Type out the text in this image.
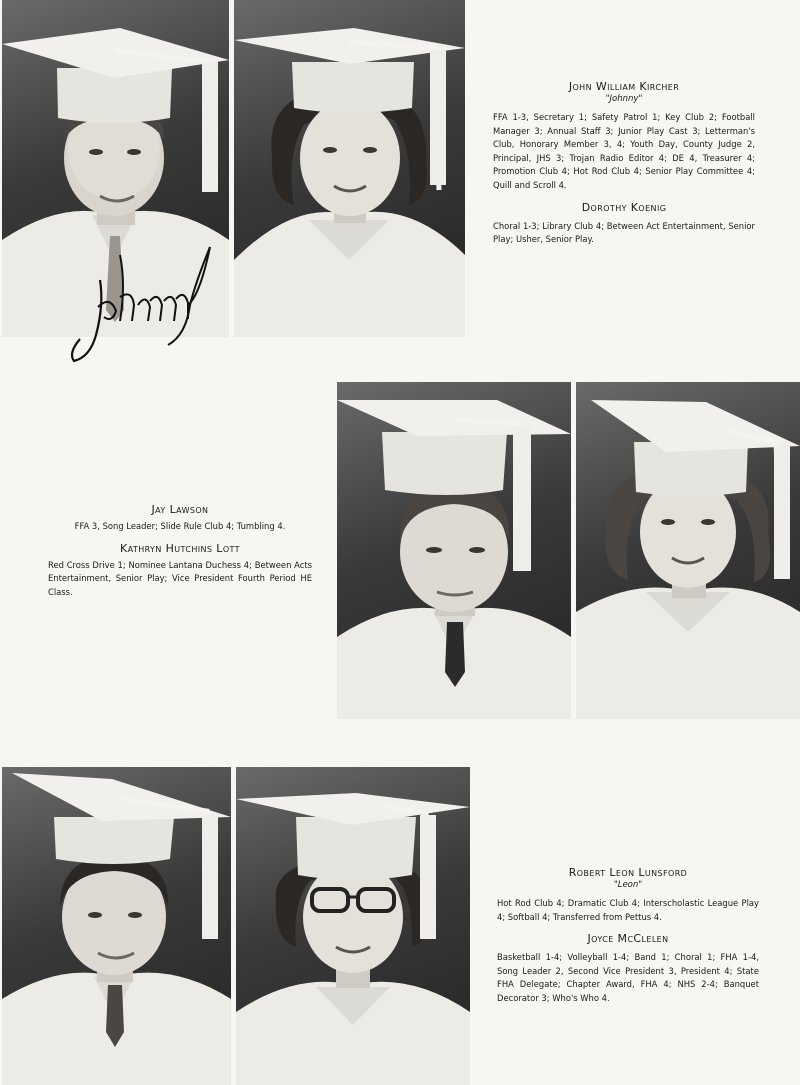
John William Kircher
"Johnny"
FFA 1-3, Secretary 1; Safety Patrol 1; Key Club 2; Football Manager 3; Annual Staff 3; Junior Play Cast 3; Letterman's Club, Honorary Member 3, 4; Youth Day, County Judge 2, Principal, JHS 3; Trojan Radio Editor 4; DE 4, Treasurer 4; Promotion Club 4; Hot Rod Club 4; Senior Play Committee 4; Quill and Scroll 4.
Dorothy Koenig
Choral 1-3; Library Club 4; Between Act Entertainment, Senior Play; Usher, Senior Play.
Jay Lawson
FFA 3, Song Leader; Slide Rule Club 4; Tumbling 4.
Kathryn Hutchins Lott
Red Cross Drive 1; Nominee Lantana Duchess 4; Between Acts Entertainment, Senior Play; Vice President Fourth Period HE Class.
Robert Leon Lunsford
"Leon"
Hot Rod Club 4; Dramatic Club 4; Interscholastic League Play 4; Softball 4; Transferred from Pettus 4.
Joyce McClelen
Basketball 1-4; Volleyball 1-4; Band 1; Choral 1; FHA 1-4, Song Leader 2, Second Vice President 3, President 4; State FHA Delegate; Chapter Award, FHA 4; NHS 2-4; Banquet Decorator 3; Who's Who 4.
